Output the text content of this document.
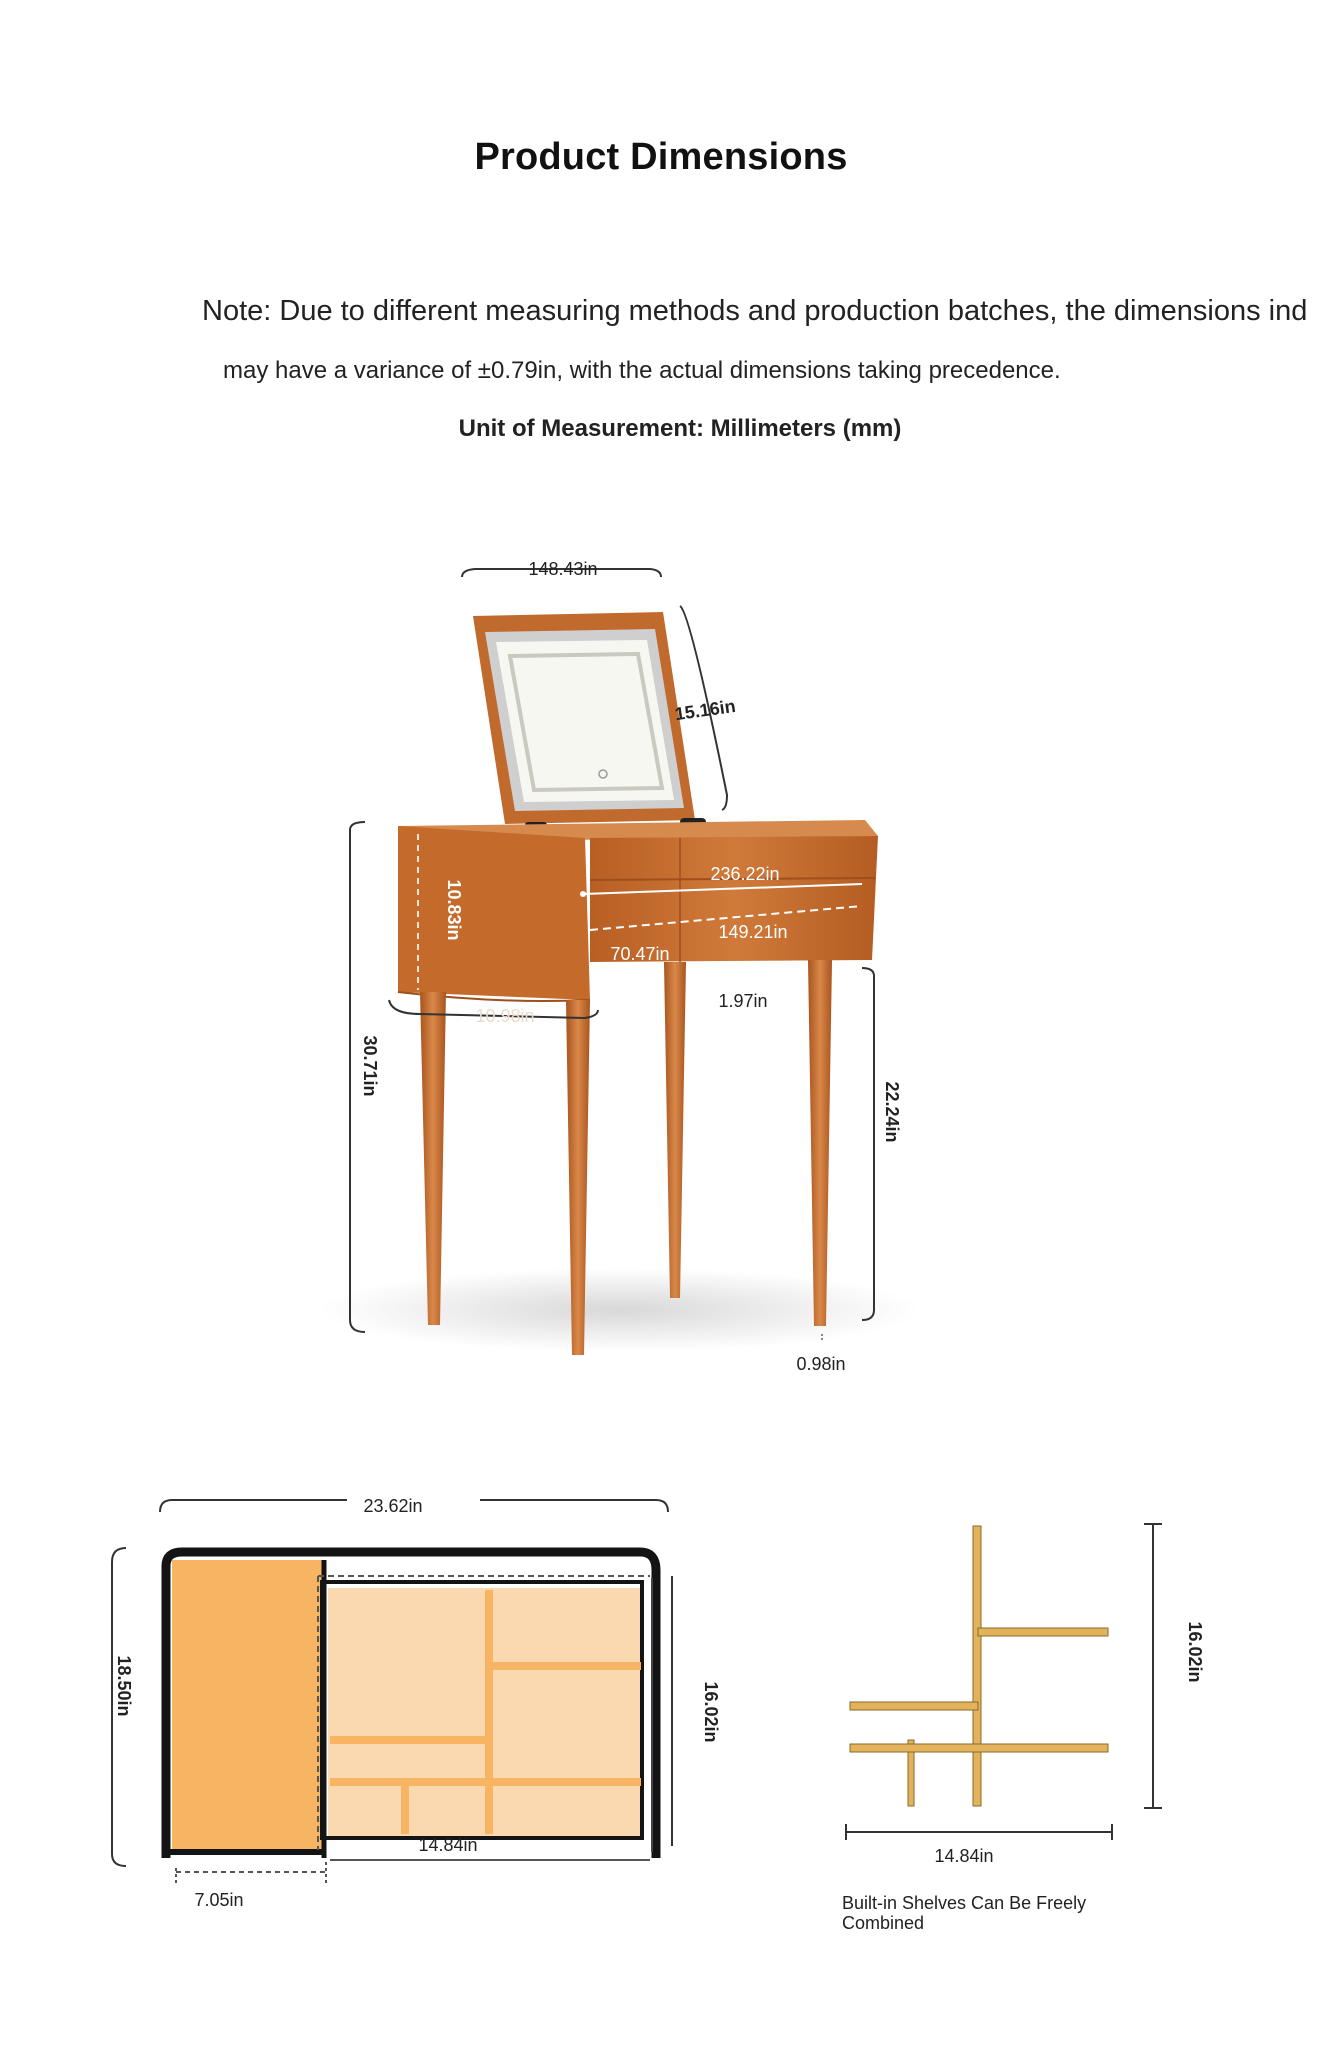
Product Dimensions
Note: Due to different measuring methods and production batches, the dimensions ind
may have a variance of ±0.79in, with the actual dimensions taking precedence.
Unit of Measurement: Millimeters (mm)
148.43in
15.16in
10.83in
236.22in
149.21in
70.47in
10.98in
1.97in
30.71in
22.24in
0.98in
23.62in
18.50in
7.05in
14.84in
16.02in
16.02in
14.84in
Built-in Shelves Can Be Freely Combined
